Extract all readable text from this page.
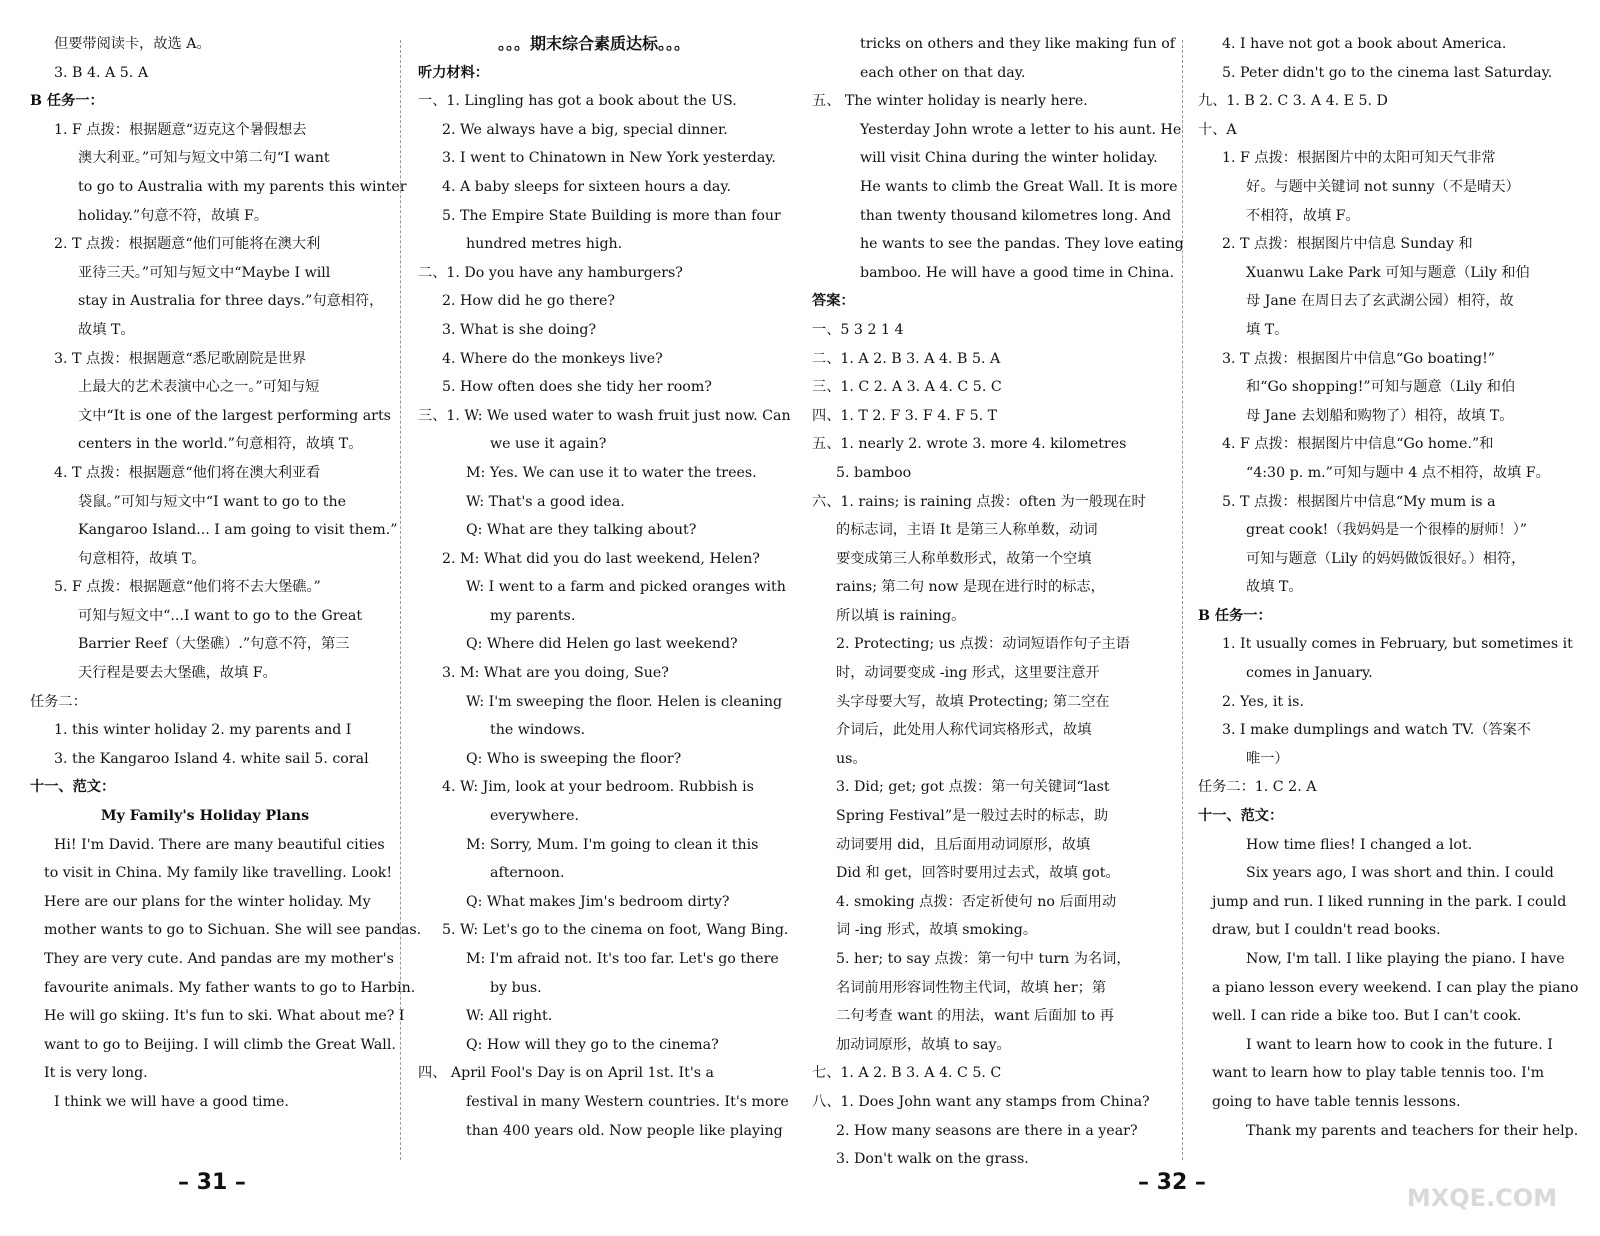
但要带阅读卡，故选 A。
3. B 4. A 5. A
B 任务一：
1. F 点拨：根据题意“迈克这个暑假想去
澳大利亚。”可知与短文中第二句“I want
to go to Australia with my parents this winter
holiday.”句意不符，故填 F。
2. T 点拨：根据题意“他们可能将在澳大利
亚待三天。”可知与短文中“Maybe I will
stay in Australia for three days.”句意相符，
故填 T。
3. T 点拨：根据题意“悉尼歌剧院是世界
上最大的艺术表演中心之一。”可知与短
文中“It is one of the largest performing arts
centers in the world.”句意相符，故填 T。
4. T 点拨：根据题意“他们将在澳大利亚看
袋鼠。”可知与短文中“I want to go to the
Kangaroo Island... I am going to visit them.”
句意相符，故填 T。
5. F 点拨：根据题意“他们将不去大堡礁。”
可知与短文中“...I want to go to the Great
Barrier Reef（大堡礁）.”句意不符，第三
天行程是要去大堡礁，故填 F。
任务二：
1. this winter holiday 2. my parents and I
3. the Kangaroo Island 4. white sail 5. coral
十一、范文：
My Family's Holiday Plans
Hi! I'm David. There are many beautiful cities
to visit in China. My family like travelling. Look!
Here are our plans for the winter holiday. My
mother wants to go to Sichuan. She will see pandas.
They are very cute. And pandas are my mother's
favourite animals. My father wants to go to Harbin.
He will go skiing. It's fun to ski. What about me? I
want to go to Beijing. I will climb the Great Wall.
It is very long.
I think we will have a good time.
。。。期末综合素质达标。。。
听力材料：
一、1. Lingling has got a book about the US.
2. We always have a big, special dinner.
3. I went to Chinatown in New York yesterday.
4. A baby sleeps for sixteen hours a day.
5. The Empire State Building is more than four
hundred metres high.
二、1. Do you have any hamburgers?
2. How did he go there?
3. What is she doing?
4. Where do the monkeys live?
5. How often does she tidy her room?
三、1. W: We used water to wash fruit just now. Can
we use it again?
M: Yes. We can use it to water the trees.
W: That's a good idea.
Q: What are they talking about?
2. M: What did you do last weekend, Helen?
W: I went to a farm and picked oranges with
my parents.
Q: Where did Helen go last weekend?
3. M: What are you doing, Sue?
W: I'm sweeping the floor. Helen is cleaning
the windows.
Q: Who is sweeping the floor?
4. W: Jim, look at your bedroom. Rubbish is
everywhere.
M: Sorry, Mum. I'm going to clean it this
afternoon.
Q: What makes Jim's bedroom dirty?
5. W: Let's go to the cinema on foot, Wang Bing.
M: I'm afraid not. It's too far. Let's go there
by bus.
W: All right.
Q: How will they go to the cinema?
四、 April Fool's Day is on April 1st. It's a
festival in many Western countries. It's more
than 400 years old. Now people like playing
tricks on others and they like making fun of
each other on that day.
五、 The winter holiday is nearly here.
Yesterday John wrote a letter to his aunt. He
will visit China during the winter holiday.
He wants to climb the Great Wall. It is more
than twenty thousand kilometres long. And
he wants to see the pandas. They love eating
bamboo. He will have a good time in China.
答案：
一、5 3 2 1 4
二、1. A 2. B 3. A 4. B 5. A
三、1. C 2. A 3. A 4. C 5. C
四、1. T 2. F 3. F 4. F 5. T
五、1. nearly 2. wrote 3. more 4. kilometres
5. bamboo
六、1. rains; is raining 点拨：often 为一般现在时
的标志词，主语 It 是第三人称单数，动词
要变成第三人称单数形式，故第一个空填
rains; 第二句 now 是现在进行时的标志，
所以填 is raining。
2. Protecting; us 点拨：动词短语作句子主语
时，动词要变成 -ing 形式，这里要注意开
头字母要大写，故填 Protecting; 第二空在
介词后，此处用人称代词宾格形式，故填
us。
3. Did; get; got 点拨：第一句关键词“last
Spring Festival”是一般过去时的标志，助
动词要用 did，且后面用动词原形，故填
Did 和 get，回答时要用过去式，故填 got。
4. smoking 点拨：否定祈使句 no 后面用动
词 -ing 形式，故填 smoking。
5. her; to say 点拨：第一句中 turn 为名词，
名词前用形容词性物主代词，故填 her；第
二句考查 want 的用法，want 后面加 to 再
加动词原形，故填 to say。
七、1. A 2. B 3. A 4. C 5. C
八、1. Does John want any stamps from China?
2. How many seasons are there in a year?
3. Don't walk on the grass.
4. I have not got a book about America.
5. Peter didn't go to the cinema last Saturday.
九、1. B 2. C 3. A 4. E 5. D
十、A
1. F 点拨：根据图片中的太阳可知天气非常
好。与题中关键词 not sunny（不是晴天）
不相符，故填 F。
2. T 点拨：根据图片中信息 Sunday 和
Xuanwu Lake Park 可知与题意（Lily 和伯
母 Jane 在周日去了玄武湖公园）相符，故
填 T。
3. T 点拨：根据图片中信息“Go boating!”
和“Go shopping!”可知与题意（Lily 和伯
母 Jane 去划船和购物了）相符，故填 T。
4. F 点拨：根据图片中信息“Go home.”和
“4:30 p. m.”可知与题中 4 点不相符，故填 F。
5. T 点拨：根据图片中信息“My mum is a
great cook!（我妈妈是一个很棒的厨师！）”
可知与题意（Lily 的妈妈做饭很好。）相符，
故填 T。
B 任务一：
1. It usually comes in February, but sometimes it
comes in January.
2. Yes, it is.
3. I make dumplings and watch TV.（答案不
唯一）
任务二：1. C 2. A
十一、范文：
How time flies! I changed a lot.
Six years ago, I was short and thin. I could
jump and run. I liked running in the park. I could
draw, but I couldn't read books.
Now, I'm tall. I like playing the piano. I have
a piano lesson every weekend. I can play the piano
well. I can ride a bike too. But I can't cook.
I want to learn how to cook in the future. I
want to learn how to play table tennis too. I'm
going to have table tennis lessons.
Thank my parents and teachers for their help.
– 31 –	– 32 –
MXQE.COM
